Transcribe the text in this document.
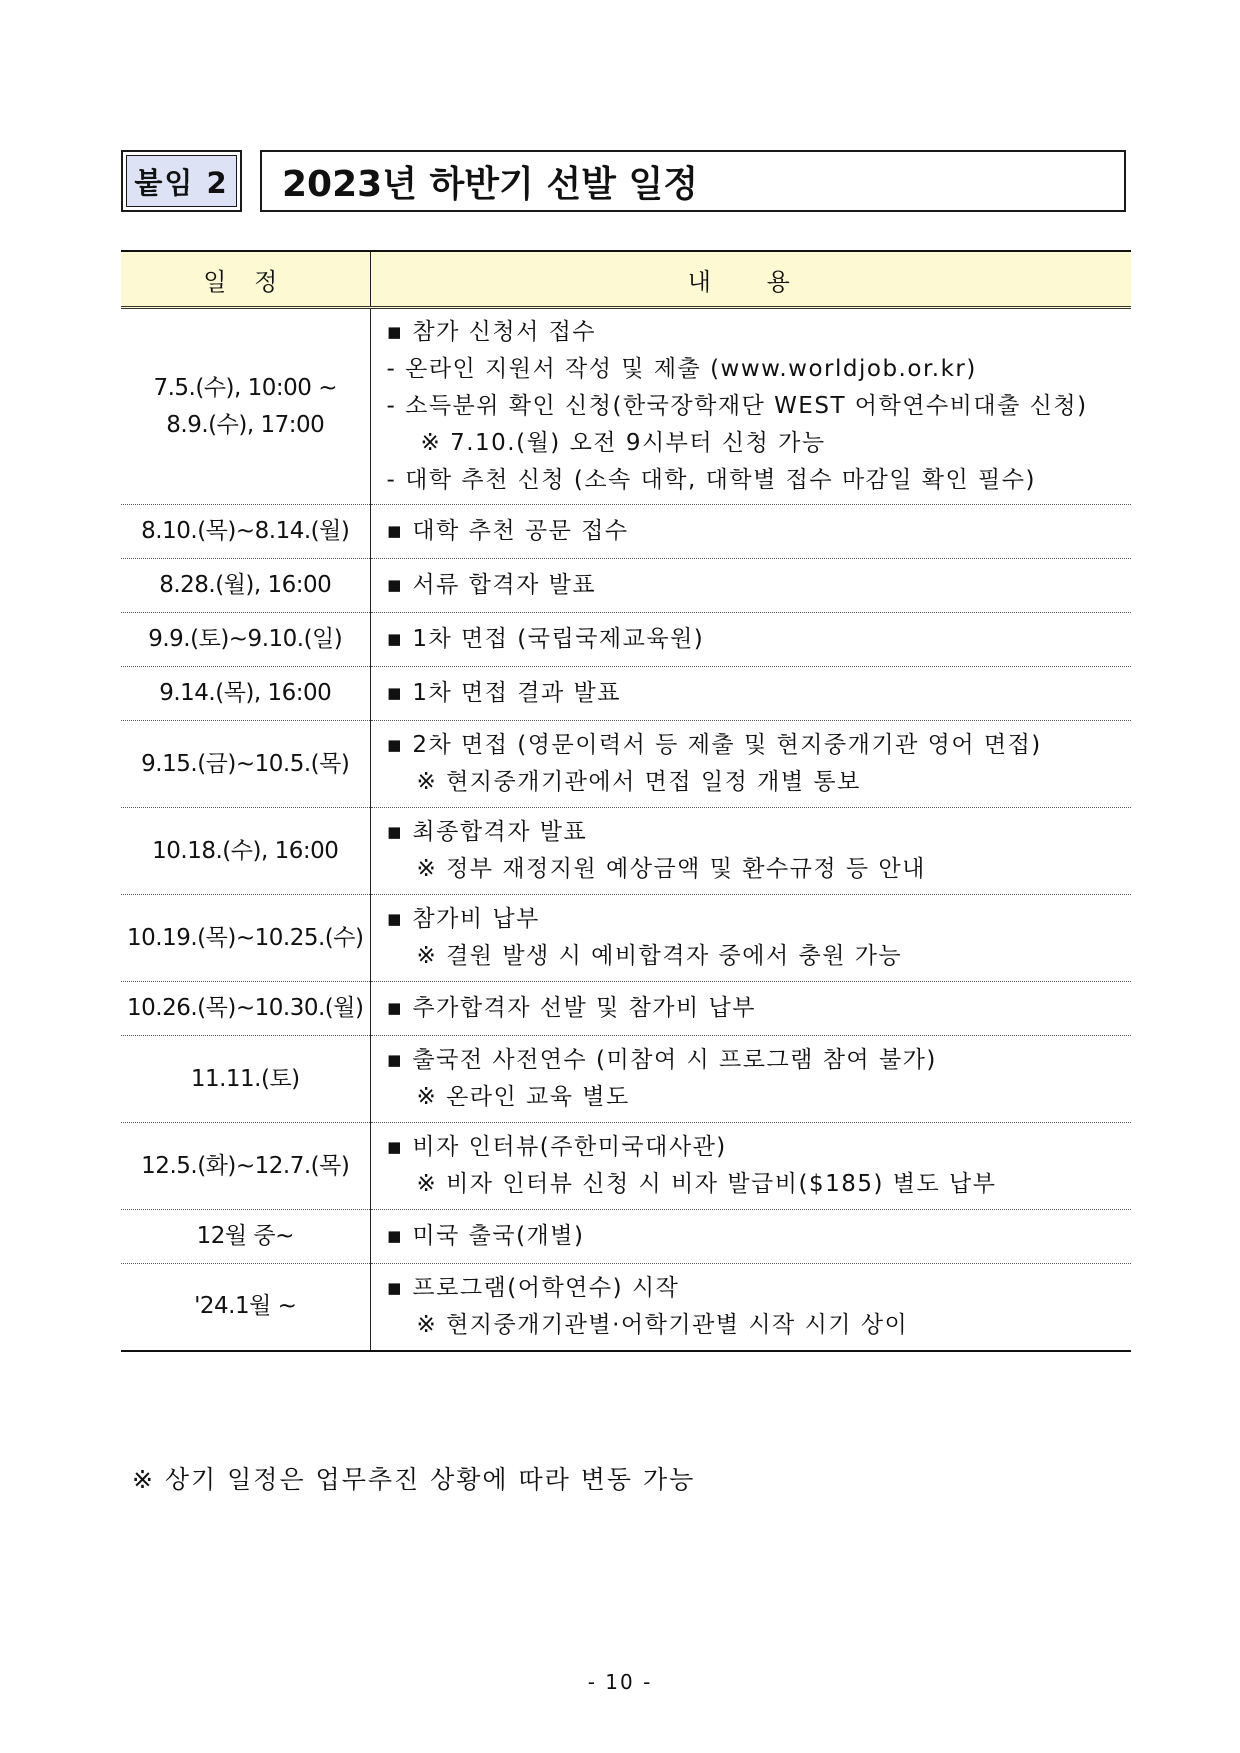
붙임 2	2023년 하반기 선발 일정
일 정	내 용

7.5.(수), 10:00 ~
8.9.(수), 17:00	▪ 참가 신청서 접수
- 온라인 지원서 작성 및 제출 (www.worldjob.or.kr)
- 소득분위 확인 신청(한국장학재단 WEST 어학연수비대출 신청)
※ 7.10.(월) 오전 9시부터 신청 가능
- 대학 추천 신청 (소속 대학, 대학별 접수 마감일 확인 필수)

8.10.(목)~8.14.(월)	▪ 대학 추천 공문 접수

8.28.(월), 16:00	▪ 서류 합격자 발표

9.9.(토)~9.10.(일)	▪ 1차 면접 (국립국제교육원)

9.14.(목), 16:00	▪ 1차 면접 결과 발표

9.15.(금)~10.5.(목)	▪ 2차 면접 (영문이력서 등 제출 및 현지중개기관 영어 면접)
※ 현지중개기관에서 면접 일정 개별 통보

10.18.(수), 16:00	▪ 최종합격자 발표
※ 정부 재정지원 예상금액 및 환수규정 등 안내

10.19.(목)~10.25.(수)	▪ 참가비 납부
※ 결원 발생 시 예비합격자 중에서 충원 가능

10.26.(목)~10.30.(월)	▪ 추가합격자 선발 및 참가비 납부

11.11.(토)	▪ 출국전 사전연수 (미참여 시 프로그램 참여 불가)
※ 온라인 교육 별도

12.5.(화)~12.7.(목)	▪ 비자 인터뷰(주한미국대사관)
※ 비자 인터뷰 신청 시 비자 발급비($185) 별도 납부

12월 중~	▪ 미국 출국(개별)

'24.1월 ~	▪ 프로그램(어학연수) 시작
※ 현지중개기관별·어학기관별 시작 시기 상이
※ 상기 일정은 업무추진 상황에 따라 변동 가능
- 10 -
